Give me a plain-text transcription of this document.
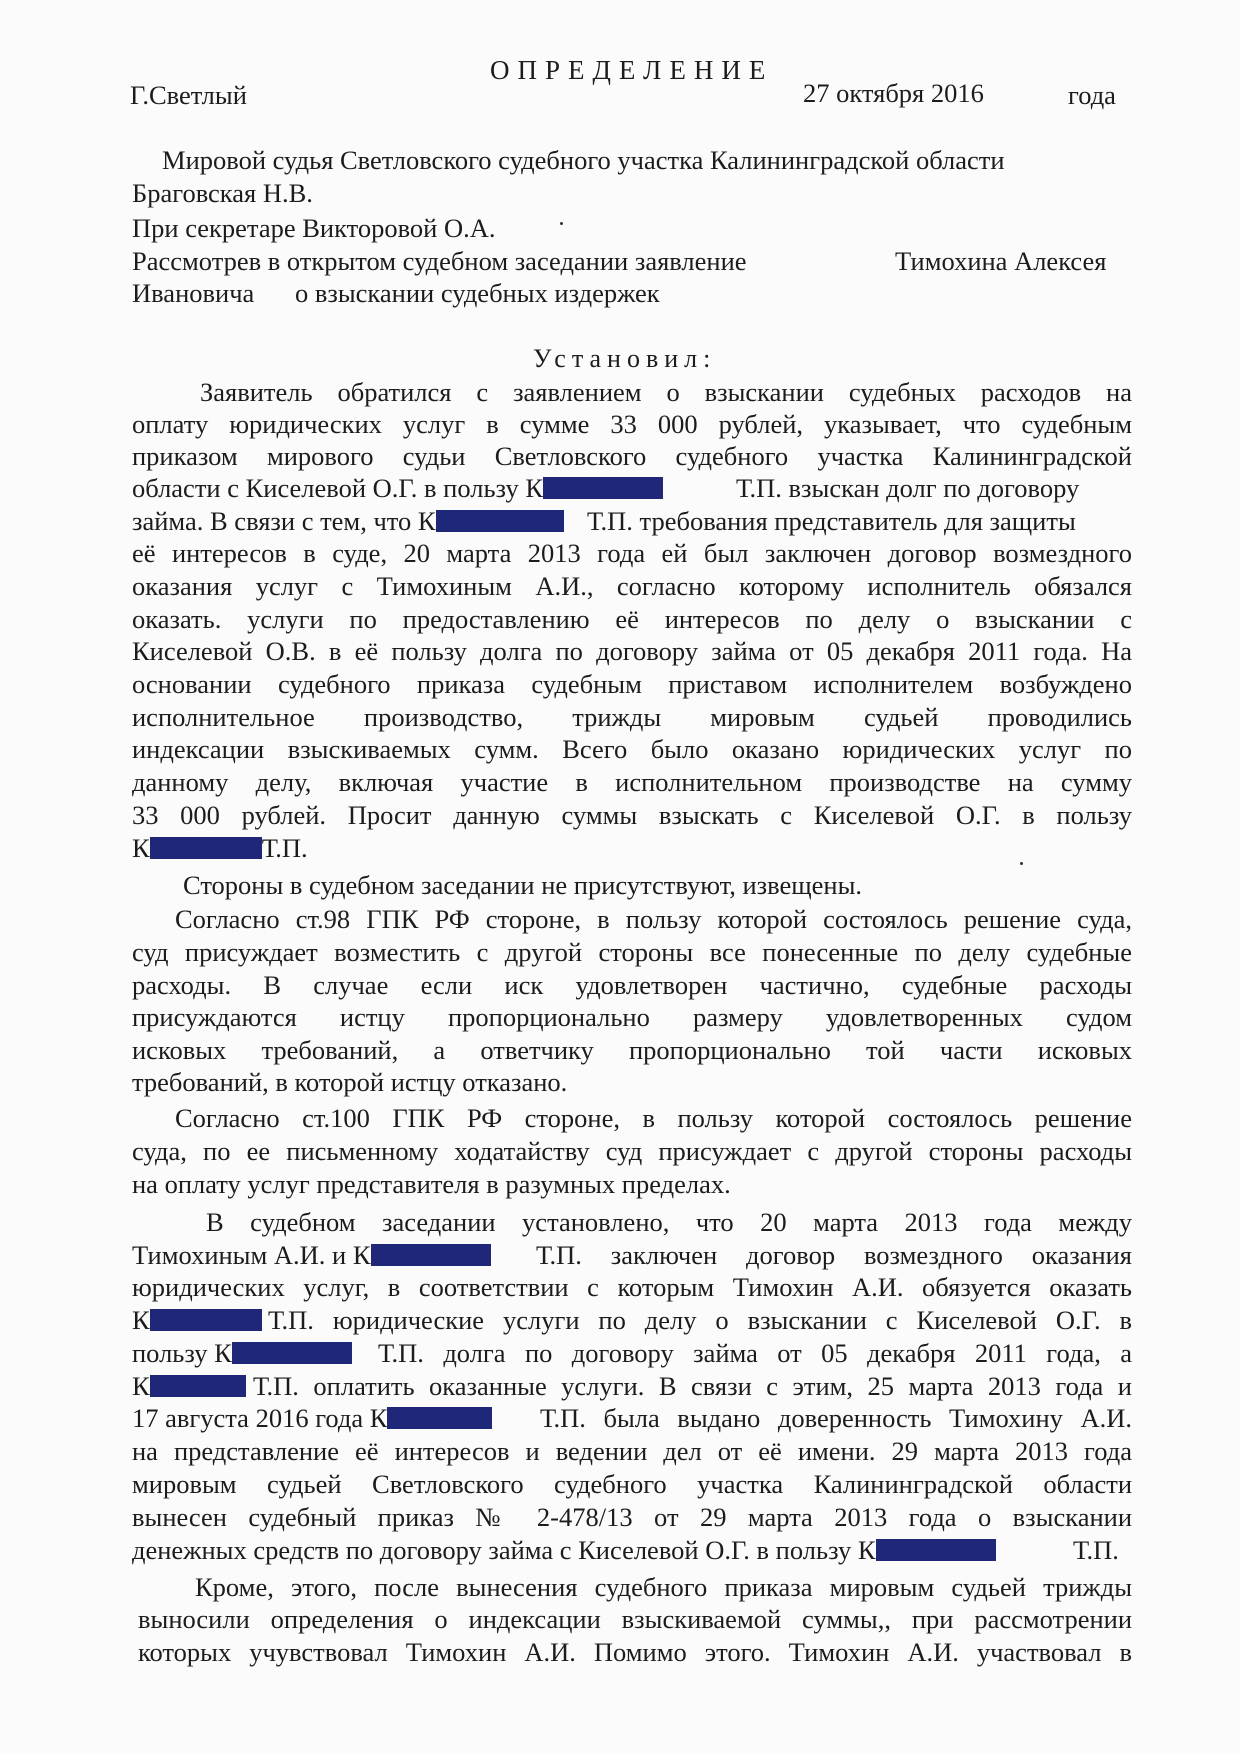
ОПРЕДЕЛЕНИЕ
Г.Светлый	27 октября 2016	года
Мировой судья Светловского судебного участка Калининградской области
Браговская Н.В.
При секретаре Викторовой О.А.
Рассмотрев в открытом судебном заседании заявление	Тимохина Алексея
Ивановича о взыскании судебных издержек
Установил:
Заявитель обратился с заявлением о взыскании судебных расходов на
оплату юридических услуг в сумме 33 000 рублей, указывает, что судебным
приказом мирового судьи Светловского судебного участка Калининградской
области с Киселевой О.Г. в пользу К	Т.П. взыскан долг по договору
займа. В связи с тем, что К	Т.П. требования представитель для защиты
её интересов в суде, 20 марта 2013 года ей был заключен договор возмездного
оказания услуг с Тимохиным А.И., согласно которому исполнитель обязался
оказать. услуги по предоставлению её интересов по делу о взыскании с
Киселевой О.В. в её пользу долга по договору займа от 05 декабря 2011 года. На
основании судебного приказа судебным приставом исполнителем возбуждено
исполнительное производство, трижды мировым судьей проводились
индексации взыскиваемых сумм. Всего было оказано юридических услуг по
данному делу, включая участие в исполнительном производстве на сумму
33 000 рублей. Просит данную суммы взыскать с Киселевой О.Г. в пользу
К	Т.П.
Стороны в судебном заседании не присутствуют, извещены.
Согласно ст.98 ГПК РФ стороне, в пользу которой состоялось решение суда,
суд присуждает возместить с другой стороны все понесенные по делу судебные
расходы. В случае если иск удовлетворен частично, судебные расходы
присуждаются истцу пропорционально размеру удовлетворенных судом
исковых требований, а ответчику пропорционально той части исковых
требований, в которой истцу отказано.
Согласно ст.100 ГПК РФ стороне, в пользу которой состоялось решение
суда, по ее письменному ходатайству суд присуждает с другой стороны расходы
на оплату услуг представителя в разумных пределах.
В судебном заседании установлено, что 20 марта 2013 года между
Тимохиным А.И. и К	Т.П. заключен договор возмездного оказания
юридических услуг, в соответствии с которым Тимохин А.И. обязуется оказать
К	Т.П. юридические услуги по делу о взыскании с Киселевой О.Г. в
пользу К	Т.П. долга по договору займа от 05 декабря 2011 года, а
К	Т.П. оплатить оказанные услуги. В связи с этим, 25 марта 2013 года и
17 августа 2016 года К	Т.П. была выдано доверенность Тимохину А.И.
на представление её интересов и ведении дел от её имени. 29 марта 2013 года
мировым судьей Светловского судебного участка Калининградской области
вынесен судебный приказ № 2-478/13 от 29 марта 2013 года о взыскании
денежных средств по договору займа с Киселевой О.Г. в пользу К	Т.П.
Кроме, этого, после вынесения судебного приказа мировым судьей трижды
выносили определения о индексации взыскиваемой суммы,, при рассмотрении
которых учувствовал Тимохин А.И. Помимо этого. Тимохин А.И. участвовал в
